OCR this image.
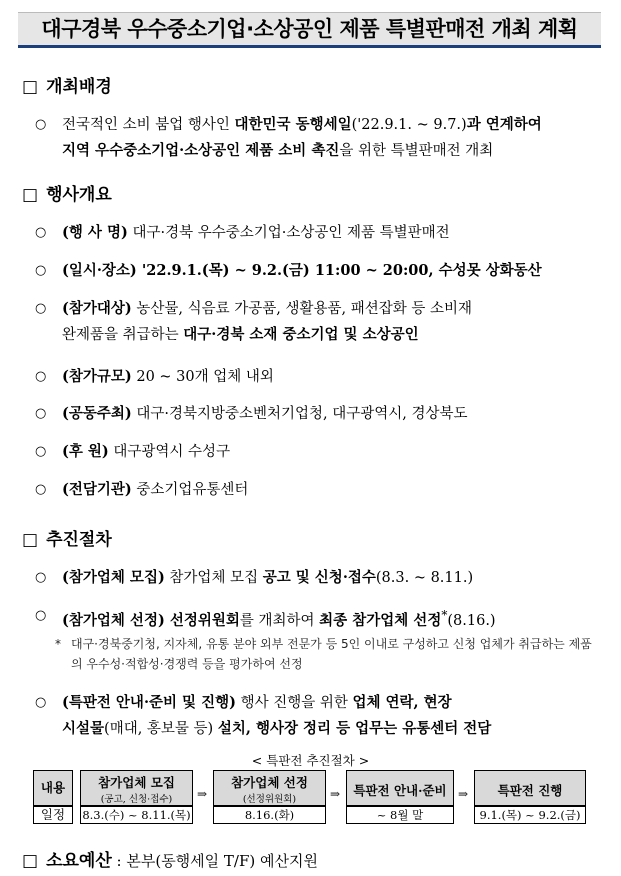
대구경북 우수중소기업·소상공인 제품 특별판매전 개최 계획
□ 개최배경
○ 전국적인 소비 붐업 행사인 대한민국 동행세일('22.9.1. ~ 9.7.)과 연계하여
지역 우수중소기업·소상공인 제품 소비 촉진을 위한 특별판매전 개최
□ 행사개요
○ (행 사 명) 대구·경북 우수중소기업·소상공인 제품 특별판매전
○ (일시·장소) '22.9.1.(목) ~ 9.2.(금) 11:00 ~ 20:00, 수성못 상화동산
○ (참가대상) 농산물, 식음료 가공품, 생활용품, 패션잡화 등 소비재
완제품을 취급하는 대구·경북 소재 중소기업 및 소상공인
○ (참가규모) 20 ~ 30개 업체 내외
○ (공동주최) 대구·경북지방중소벤처기업청, 대구광역시, 경상북도
○ (후 원) 대구광역시 수성구
○ (전담기관) 중소기업유통센터
□ 추진절차
○ (참가업체 모집) 참가업체 모집 공고 및 신청·접수(8.3. ~ 8.11.)
○ (참가업체 선정) 선정위원회를 개최하여 최종 참가업체 선정*(8.16.)
* 대구·경북중기청, 지자체, 유통 분야 외부 전문가 등 5인 이내로 구성하고 신청 업체가 취급하는 제품의 우수성·적합성·경쟁력 등을 평가하여 선정
○ (특판전 안내·준비 및 진행) 행사 진행을 위한 업체 연락, 현장
시설물(매대, 홍보물 등) 설치, 행사장 정리 등 업무는 유통센터 전담
< 특판전 추진절차 >
내용
일정
참가업체 모집
(공고, 신청·접수)
8.3.(수) ~ 8.11.(목)
⇒
참가업체 선정
(선정위원회)
8.16.(화)
⇒	특판전 안내·준비
~ 8월 말
⇒	특판전 진행
9.1.(목) ~ 9.2.(금)
□ 소요예산 : 본부(동행세일 T/F) 예산지원
